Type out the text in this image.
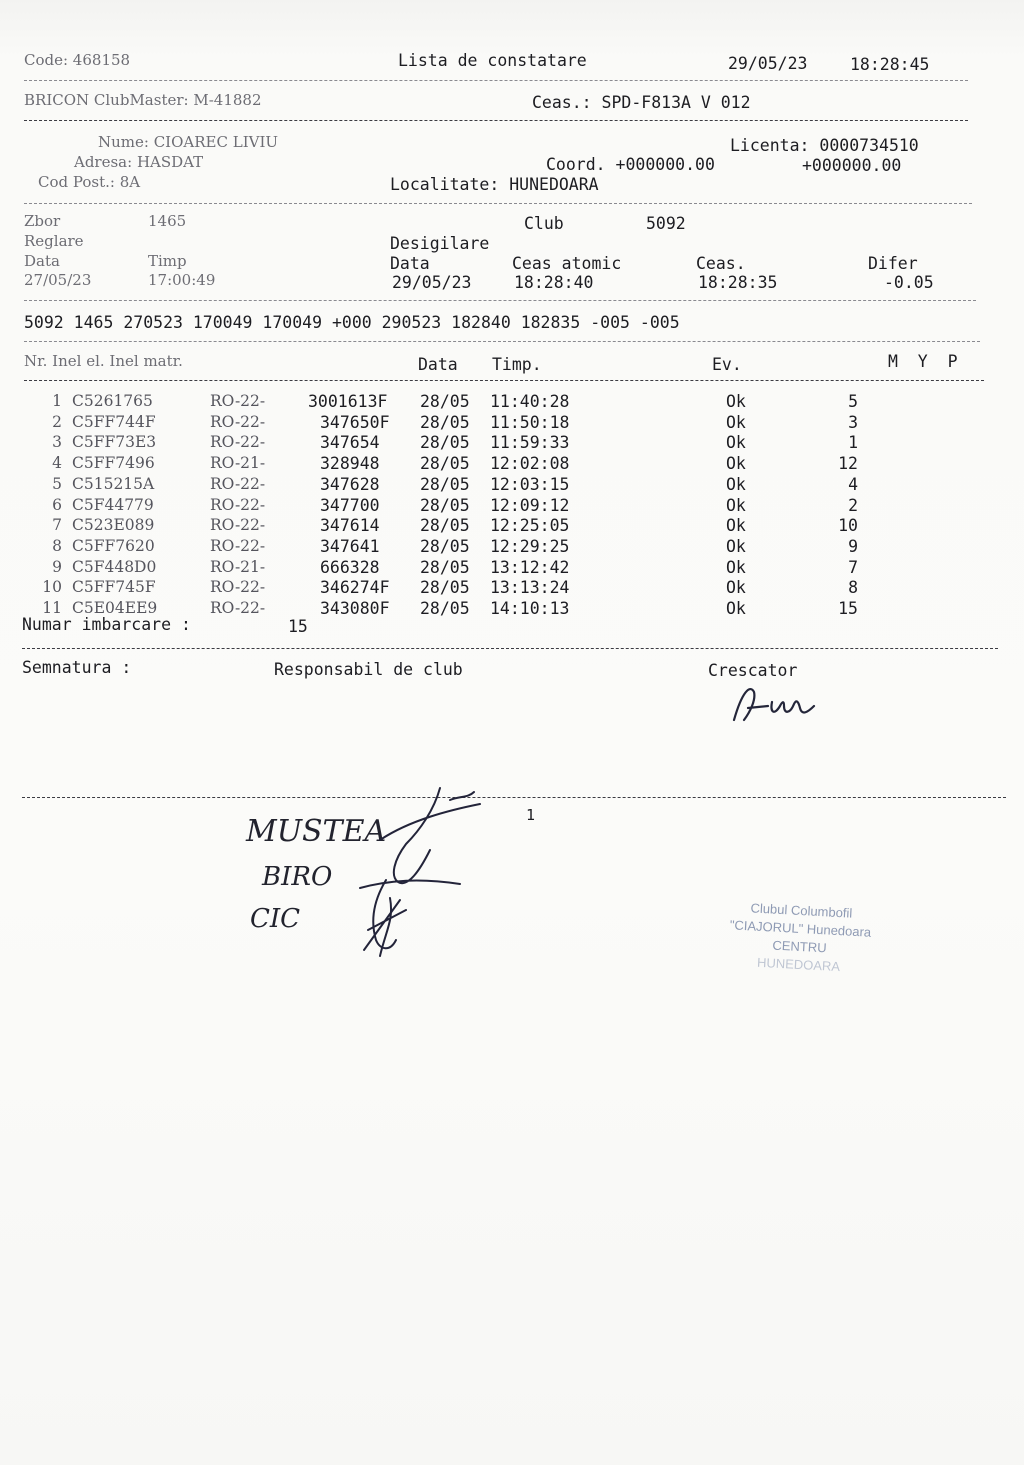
Code: 468158	Lista de constatare	29/05/23	18:28:45
BRICON ClubMaster: M-41882	Ceas.: SPD-F813A V 012
Nume: CIOAREC LIVIU	Licenta: 0000734510
Adresa: HASDAT	Coord. +000000.00	+000000.00
Cod Post.: 8A	Localitate: HUNEDOARA
Zbor	1465	Club	5092
Reglare	Desigilare
Data	Timp	Data	Ceas atomic	Ceas.	Difer
27/05/23	17:00:49	29/05/23	18:28:40	18:28:35	-0.05
5092 1465 270523 170049 170049 +000 290523 182840 182835 -005 -005
Nr. Inel el. Inel matr.	Data Timp.	Ev.	M  Y  P
1 C5261765	RO-22-	3001613F 28/05 11:40:28	Ok	5
2 C5FF744F	RO-22-	347650F 28/05 11:50:18	Ok	3
3 C5FF73E3	RO-22-	347654 28/05 11:59:33	Ok	1
4 C5FF7496	RO-21-	328948 28/05 12:02:08	Ok	12
5 C515215A	RO-22-	347628 28/05 12:03:15	Ok	4
6 C5F44779	RO-22-	347700 28/05 12:09:12	Ok	2
7 C523E089	RO-22-	347614 28/05 12:25:05	Ok	10
8 C5FF7620	RO-22-	347641 28/05 12:29:25	Ok	9
9 C5F448D0	RO-21-	666328 28/05 13:12:42	Ok	7
10 C5FF745F	RO-22-	346274F 28/05 13:13:24	Ok	8
11 C5E04EE9	RO-22-	343080F 28/05 14:10:13	Ok	15
Numar imbarcare :	15
Semnatura :	Responsabil de club	Crescator
1
MUSTEA
BIRO
CIC	Clubul Columbofil
"CIAJORUL" Hunedoara
CENTRU
HUNEDOARA
